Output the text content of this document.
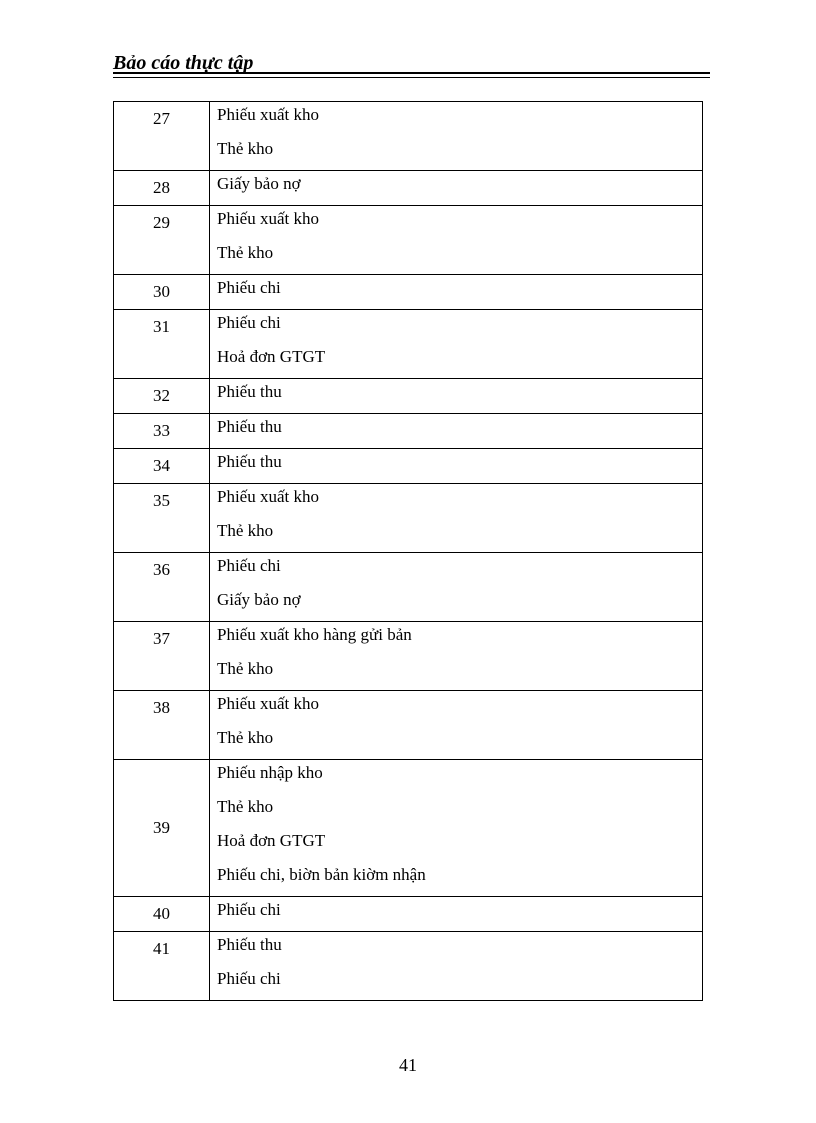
Bảo cáo thực tập
27	Phiếu xuất kho
Thẻ kho

28	Giấy bảo nợ

29	Phiếu xuất kho
Thẻ kho

30	Phiếu chi

31	Phiếu chi
Hoả đơn GTGT

32	Phiếu thu

33	Phiếu thu

34	Phiếu thu

35	Phiếu xuất kho
Thẻ kho

36	Phiếu chi
Giấy bảo nợ

37	Phiếu xuất kho hàng gửi bản
Thẻ kho

38	Phiếu xuất kho
Thẻ kho

39	Phiếu nhập kho
Thẻ kho
Hoả đơn GTGT
Phiếu chi, biờn bản kiờm nhận

40	Phiếu chi

41	Phiếu thu
Phiếu chi
41
